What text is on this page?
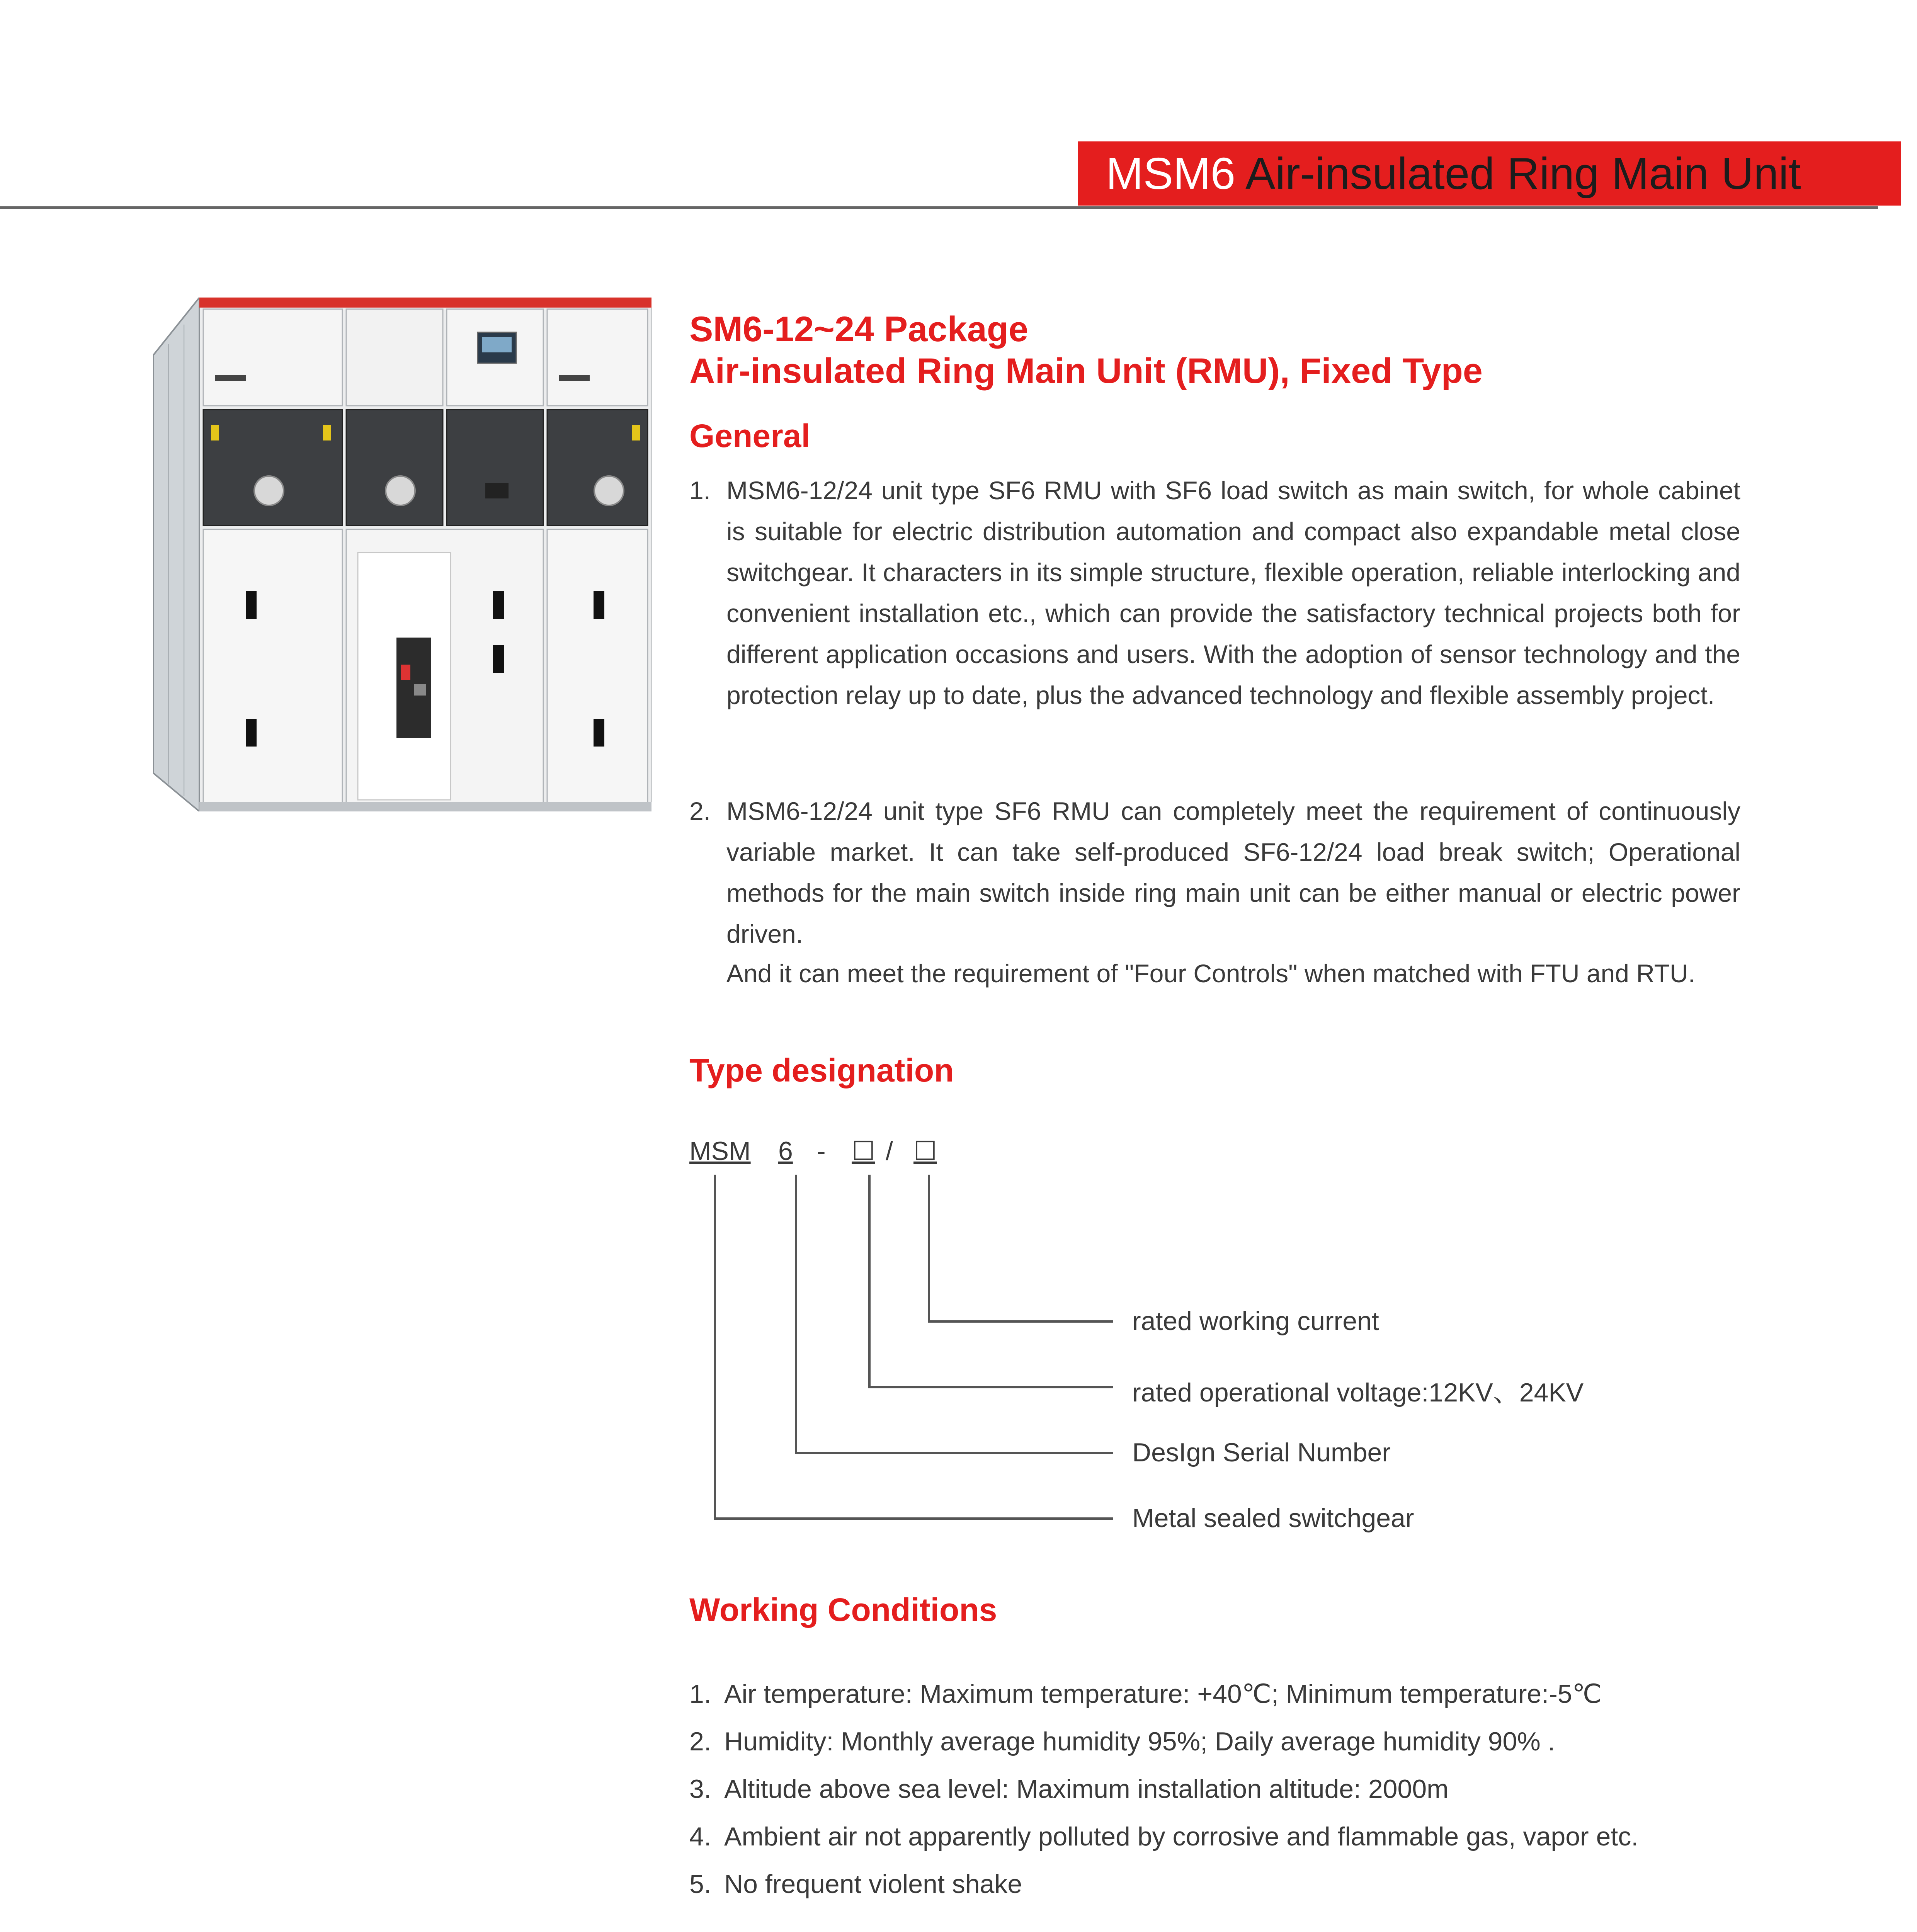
MSM6 Air-insulated Ring Main Unit
SM6-12~24 Package
Air-insulated Ring Main Unit (RMU), Fixed Type
General
1. MSM6-12/24 unit type SF6 RMU with SF6 load switch as main switch, for whole cabinet is suitable for electric distribution automation and compact also expandable metal close switchgear. It characters in its simple structure, flexible operation, reliable interlocking and convenient installation etc., which can provide the satisfactory technical projects both for different application occasions and users. With the adoption of sensor technology and the protection relay up to date, plus the advanced technology and flexible assembly project.
2. MSM6-12/24 unit type SF6 RMU can completely meet the requirement of continuously variable market. It can take self-produced SF6-12/24 load break switch; Operational methods for the main switch inside ring main unit can be either manual or electric power driven.
And it can meet the requirement of "Four Controls" when matched with FTU and RTU.
Type designation
MSM 6 - ☐ / ☐
rated working current
rated operational voltage:12KV、24KV
DesIgn Serial Number
Metal sealed switchgear
Working Conditions
1. Air temperature: Maximum temperature: +40℃; Minimum temperature:-5℃
2. Humidity: Monthly average humidity 95%; Daily average humidity 90% .
3. Altitude above sea level: Maximum installation altitude: 2000m
4. Ambient air not apparently polluted by corrosive and flammable gas, vapor etc.
5. No frequent violent shake
